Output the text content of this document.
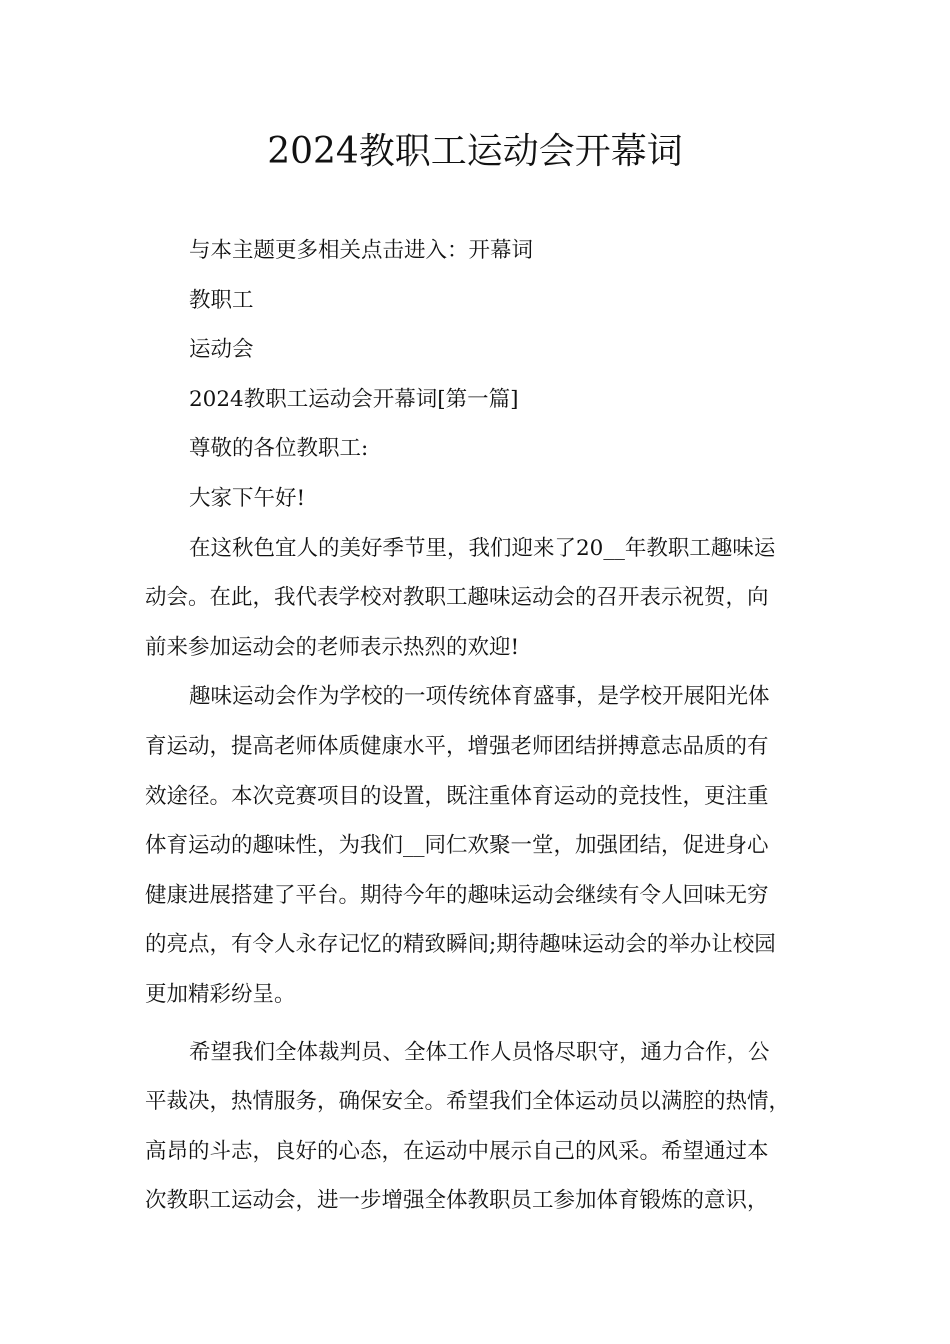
2024教职工运动会开幕词
与本主题更多相关点击进入：开幕词
教职工
运动会
2024教职工运动会开幕词[第一篇]
尊敬的各位教职工:
大家下午好!
在这秋色宜人的美好季节里，我们迎来了20__年教职工趣味运
动会。在此，我代表学校对教职工趣味运动会的召开表示祝贺，向
前来参加运动会的老师表示热烈的欢迎!
趣味运动会作为学校的一项传统体育盛事，是学校开展阳光体
育运动，提高老师体质健康水平，增强老师团结拼搏意志品质的有
效途径。本次竞赛项目的设置，既注重体育运动的竞技性，更注重
体育运动的趣味性，为我们__同仁欢聚一堂，加强团结，促进身心
健康进展搭建了平台。期待今年的趣味运动会继续有令人回味无穷
的亮点，有令人永存记忆的精致瞬间;期待趣味运动会的举办让校园
更加精彩纷呈。
希望我们全体裁判员、全体工作人员恪尽职守，通力合作，公
平裁决，热情服务，确保安全。希望我们全体运动员以满腔的热情，
高昂的斗志，良好的心态，在运动中展示自己的风采。希望通过本
次教职工运动会，进一步增强全体教职员工参加体育锻炼的意识，
